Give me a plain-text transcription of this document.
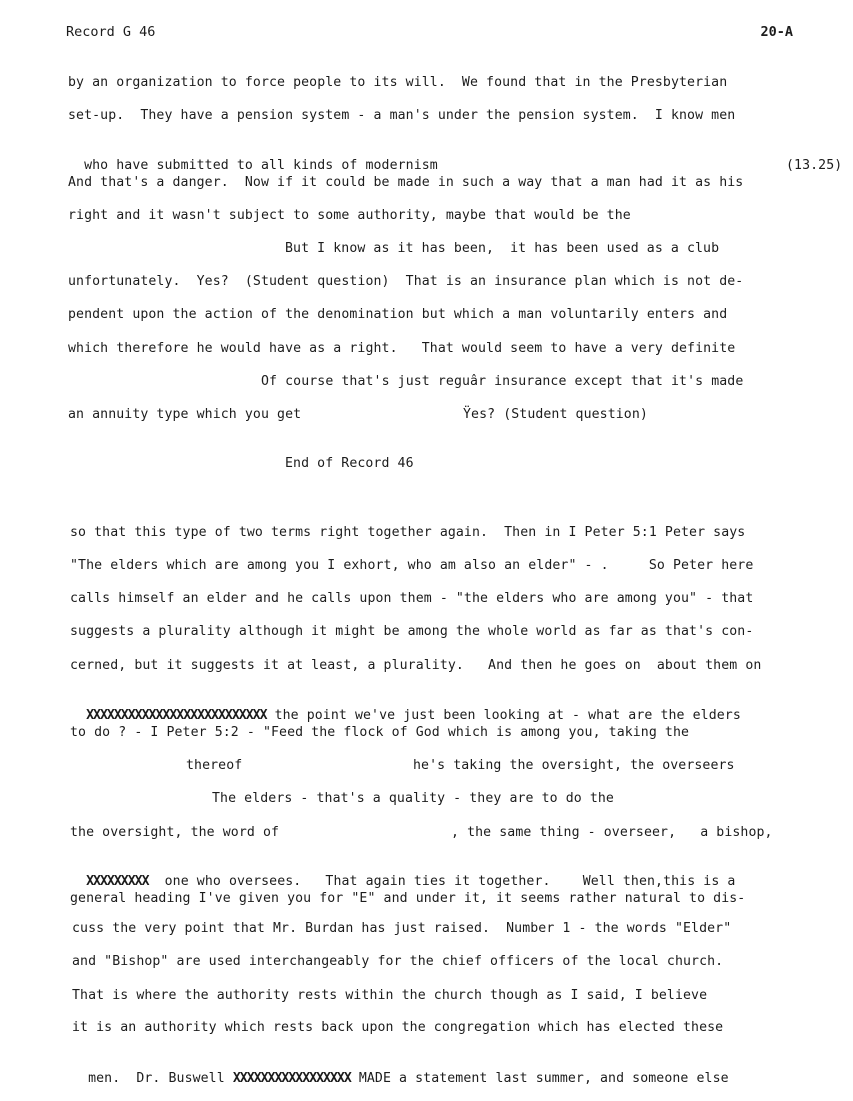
Record G 46	20-A
by an organization to force people to its will.  We found that in the Presbyterian
set-up.  They have a pension system - a man's under the pension system.  I know men

who have submitted to all kinds of modernism	(13.25)

And that's a danger.  Now if it could be made in such a way that a man had it as his
right and it wasn't subject to some authority, maybe that would be the
But I know as it has been,  it has been used as a club
unfortunately.  Yes?  (Student question)  That is an insurance plan which is not de-
pendent upon the action of the denomination but which a man voluntarily enters and
which therefore he would have as a right.   That would seem to have a very definite
Of course that's just reguâr insurance except that it's made
an annuity type which you get	Ÿes? (Student question)
End of Record 46
so that this type of two terms right together again.  Then in I Peter 5:1 Peter says
"The elders which are among you I exhort, who am also an elder" - .     So Peter here
calls himself an elder and he calls upon them - "the elders who are among you" - that
suggests a plurality although it might be among the whole world as far as that's con-
cerned, but it suggests it at least, a plurality.   And then he goes on  about them on

XXXXXXXXXXXXXXXXXXXXXXXXXX the point we've just been looking at - what are the elders

to do ? - I Peter 5:2 - "Feed the flock of God which is among you, taking the
thereof	he's taking the oversight, the overseers
The elders - that's a quality - they are to do the
the oversight, the word of	, the same thing - overseer,   a bishop,

XXXXXXXXX  one who oversees.   That again ties it together.    Well then,this is a

general heading I've given you for "E" and under it, it seems rather natural to dis-
cuss the very point that Mr. Burdan has just raised.  Number 1 - the words "Elder"
and "Bishop" are used interchangeably for the chief officers of the local church.
That is where the authority rests within the church though as I said, I believe
it is an authority which rests back upon the congregation which has elected these

men.  Dr. Buswell XXXXXXXXXXXXXXXXX MADE a statement last summer, and someone else
